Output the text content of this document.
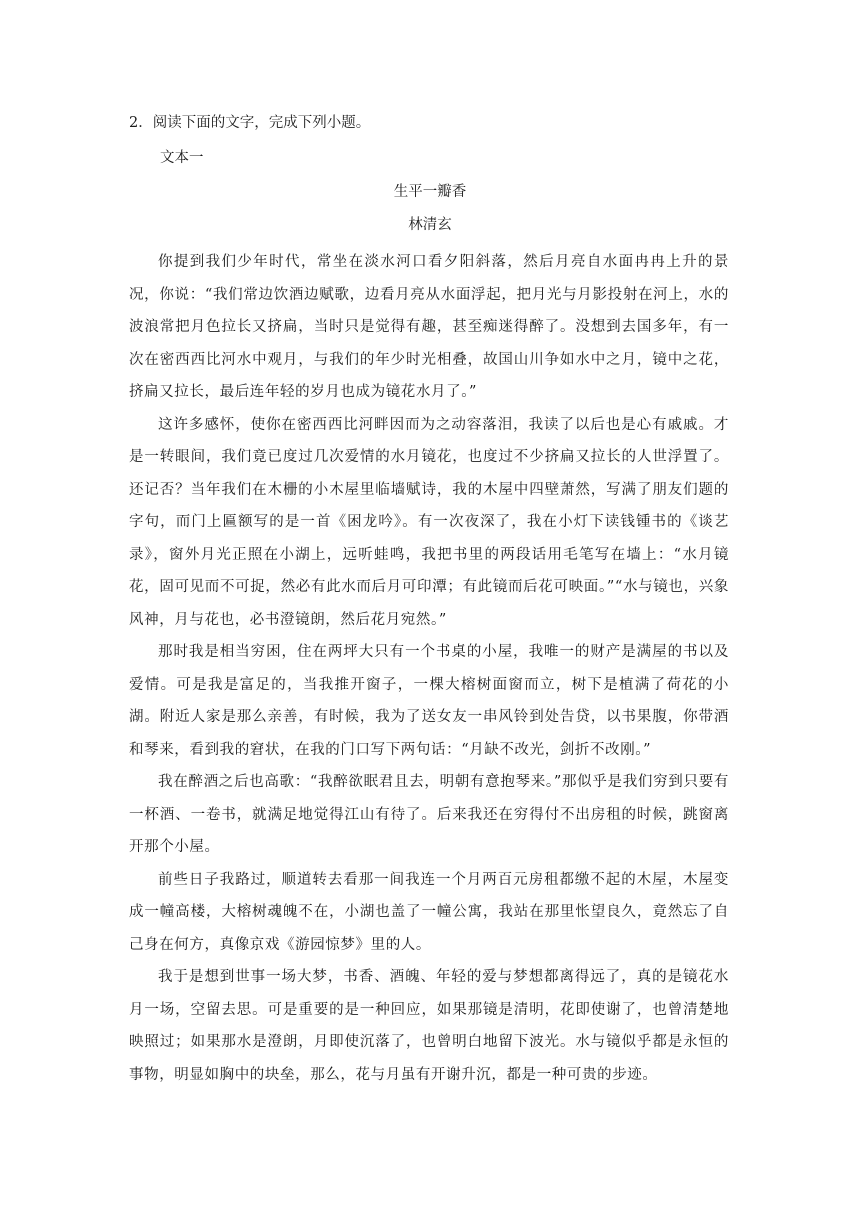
2．阅读下面的文字，完成下列小题。
文本一
生平一瓣香
林清玄

你提到我们少年时代，常坐在淡水河口看夕阳斜落，然后月亮自水面冉冉上升的景况，你说：“我们常边饮酒边赋歌，边看月亮从水面浮起，把月光与月影投射在河上，水的波浪常把月色拉长又挤扁，当时只是觉得有趣，甚至痴迷得醉了。没想到去国多年，有一次在密西西比河水中观月，与我们的年少时光相叠，故国山川争如水中之月，镜中之花，挤扁又拉长，最后连年轻的岁月也成为镜花水月了。”

这许多感怀，使你在密西西比河畔因而为之动容落泪，我读了以后也是心有戚戚。才是一转眼间，我们竟已度过几次爱情的水月镜花，也度过不少挤扁又拉长的人世浮置了。还记否？当年我们在木栅的小木屋里临墙赋诗，我的木屋中四壁萧然，写满了朋友们题的字句，而门上匾额写的是一首《困龙吟》。有一次夜深了，我在小灯下读钱锺书的《谈艺录》，窗外月光正照在小湖上，远听蛙鸣，我把书里的两段话用毛笔写在墙上：“水月镜花，固可见而不可捉，然必有此水而后月可印潭；有此镜而后花可映面。”“水与镜也，兴象风神，月与花也，必书澄镜朗，然后花月宛然。”

那时我是相当穷困，住在两坪大只有一个书桌的小屋，我唯一的财产是满屋的书以及爱情。可是我是富足的，当我推开窗子，一棵大榕树面窗而立，树下是植满了荷花的小湖。附近人家是那么亲善，有时候，我为了送女友一串风铃到处告贷，以书果腹，你带酒和琴来，看到我的窘状，在我的门口写下两句话：“月缺不改光，剑折不改刚。”

我在醉酒之后也高歌：“我醉欲眠君且去，明朝有意抱琴来。”那似乎是我们穷到只要有一杯酒、一卷书，就满足地觉得江山有待了。后来我还在穷得付不出房租的时候，跳窗离开那个小屋。

前些日子我路过，顺道转去看那一间我连一个月两百元房租都缴不起的木屋，木屋变成一幢高楼，大榕树魂魄不在，小湖也盖了一幢公寓，我站在那里怅望良久，竟然忘了自己身在何方，真像京戏《游园惊梦》里的人。

我于是想到世事一场大梦，书香、酒魄、年轻的爱与梦想都离得远了，真的是镜花水月一场，空留去思。可是重要的是一种回应，如果那镜是清明，花即使谢了，也曾清楚地映照过；如果那水是澄朗，月即使沉落了，也曾明白地留下波光。水与镜似乎都是永恒的事物，明显如胸中的块垒，那么，花与月虽有开谢升沉，都是一种可贵的步迹。
